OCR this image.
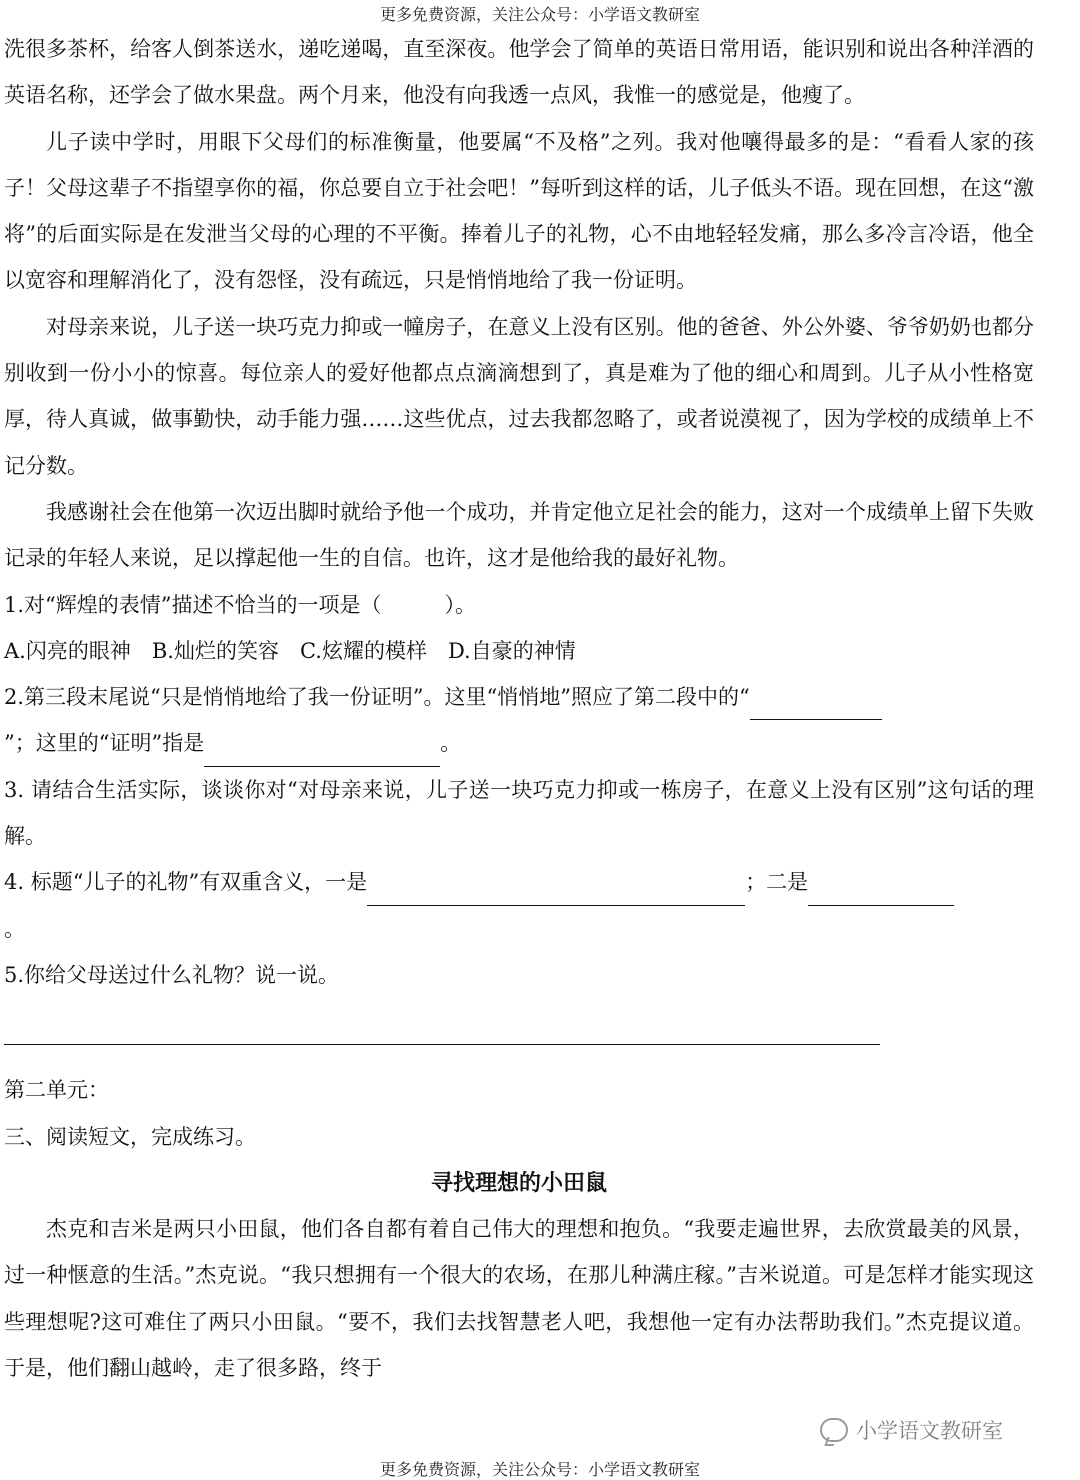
更多免费资源，关注公众号：小学语文教研室

洗很多茶杯，给客人倒茶送水，递吃递喝，直至深夜。他学会了简单的英语日常用语，能识别和说出各种洋酒的英语名称，还学会了做水果盘。两个月来，他没有向我透一点风，我惟一的感觉是，他瘦了。

儿子读中学时，用眼下父母们的标准衡量，他要属“不及格”之列。我对他嚷得最多的是：“看看人家的孩子！父母这辈子不指望享你的福，你总要自立于社会吧！”每听到这样的话，儿子低头不语。现在回想，在这“激将”的后面实际是在发泄当父母的心理的不平衡。捧着儿子的礼物，心不由地轻轻发痛，那么多冷言冷语，他全以宽容和理解消化了，没有怨怪，没有疏远，只是悄悄地给了我一份证明。

对母亲来说，儿子送一块巧克力抑或一幢房子，在意义上没有区别。他的爸爸、外公外婆、爷爷奶奶也都分别收到一份小小的惊喜。每位亲人的爱好他都点点滴滴想到了，真是难为了他的细心和周到。儿子从小性格宽厚，待人真诚，做事勤快，动手能力强……这些优点，过去我都忽略了，或者说漠视了，因为学校的成绩单上不记分数。

我感谢社会在他第一次迈出脚时就给予他一个成功，并肯定他立足社会的能力，这对一个成绩单上留下失败记录的年轻人来说，足以撑起他一生的自信。也许，这才是他给我的最好礼物。

1.对“辉煌的表情”描述不恰当的一项是（　　　）。
A.闪亮的眼神　B.灿烂的笑容　C.炫耀的模样　D.自豪的神情
2.第三段末尾说“只是悄悄地给了我一份证明”。这里“悄悄地”照应了第二段中的“
”；这里的“证明”指是	。

3. 请结合生活实际，谈谈你对“对母亲来说，儿子送一块巧克力抑或一栋房子，在意义上没有区别”这句话的理解。

4. 标题“儿子的礼物”有双重含义，一是	；二是
。
5.你给父母送过什么礼物？说一说。
第二单元：
三、阅读短文，完成练习。

寻找理想的小田鼠

杰克和吉米是两只小田鼠，他们各自都有着自己伟大的理想和抱负。“我要走遍世界，去欣赏最美的风景，过一种惬意的生活。”杰克说。“我只想拥有一个很大的农场，在那儿种满庄稼。”吉米说道。可是怎样才能实现这些理想呢?这可难住了两只小田鼠。“要不，我们去找智慧老人吧，我想他一定有办法帮助我们。”杰克提议道。于是，他们翻山越岭，走了很多路，终于

小学语文教研室
更多免费资源，关注公众号：小学语文教研室
